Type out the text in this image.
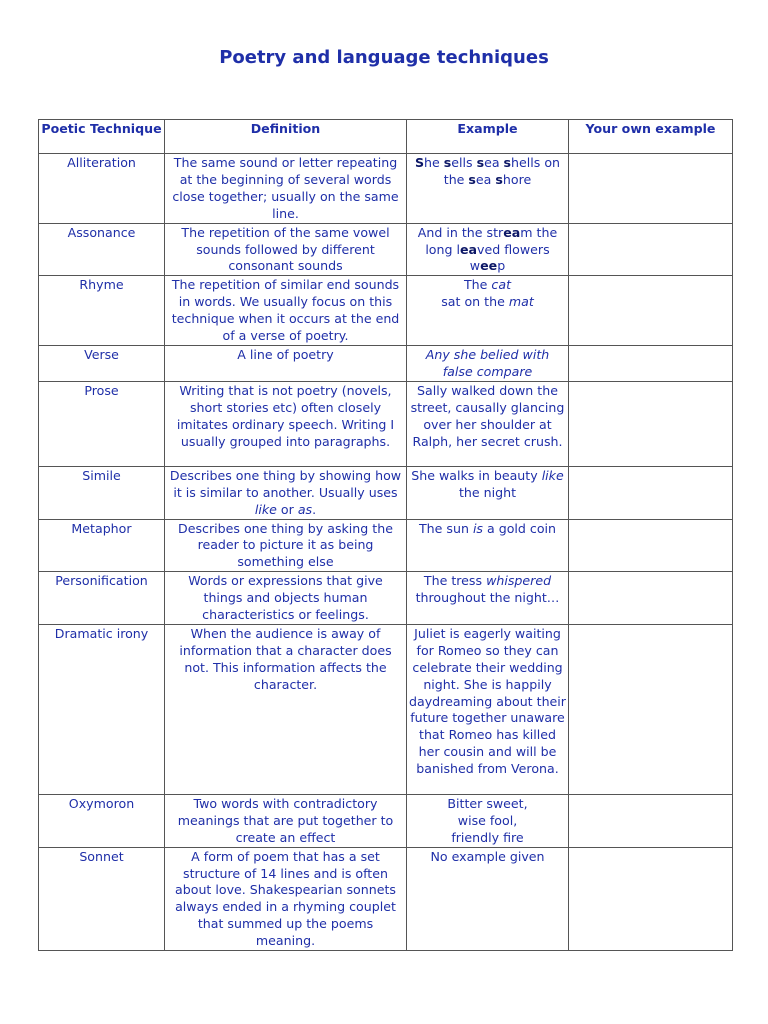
Poetry and language techniques
Poetic Technique	Definition	Example	Your own example
Alliteration	The same sound or letter repeating at the beginning of several words close together; usually on the same line.	She sells sea shells on the sea shore	
Assonance	The repetition of the same vowel sounds followed by different consonant sounds	And in the stream the long leaved flowers weep	
Rhyme	The repetition of similar end sounds in words. We usually focus on this technique when it occurs at the end of a verse of poetry.	The cat
sat on the mat	
Verse	A line of poetry	Any she belied with false compare	
Prose	Writing that is not poetry (novels, short stories etc) often closely imitates ordinary speech. Writing I usually grouped into paragraphs.	Sally walked down the street, causally glancing over her shoulder at Ralph, her secret crush.	
Simile	Describes one thing by showing how it is similar to another. Usually uses like or as.	She walks in beauty like the night	
Metaphor	Describes one thing by asking the reader to picture it as being something else	The sun is a gold coin	
Personification	Words or expressions that give things and objects human characteristics or feelings.	The tress whispered throughout the night…	
Dramatic irony	When the audience is away of information that a character does not. This information affects the character.	Juliet is eagerly waiting for Romeo so they can celebrate their wedding night. She is happily daydreaming about their future together unaware that Romeo has killed her cousin and will be banished from Verona.	
Oxymoron	Two words with contradictory meanings that are put together to create an effect	Bitter sweet,
wise fool,
friendly fire	
Sonnet	A form of poem that has a set structure of 14 lines and is often about love. Shakespearian sonnets always ended in a rhyming couplet that summed up the poems meaning.	No example given	
